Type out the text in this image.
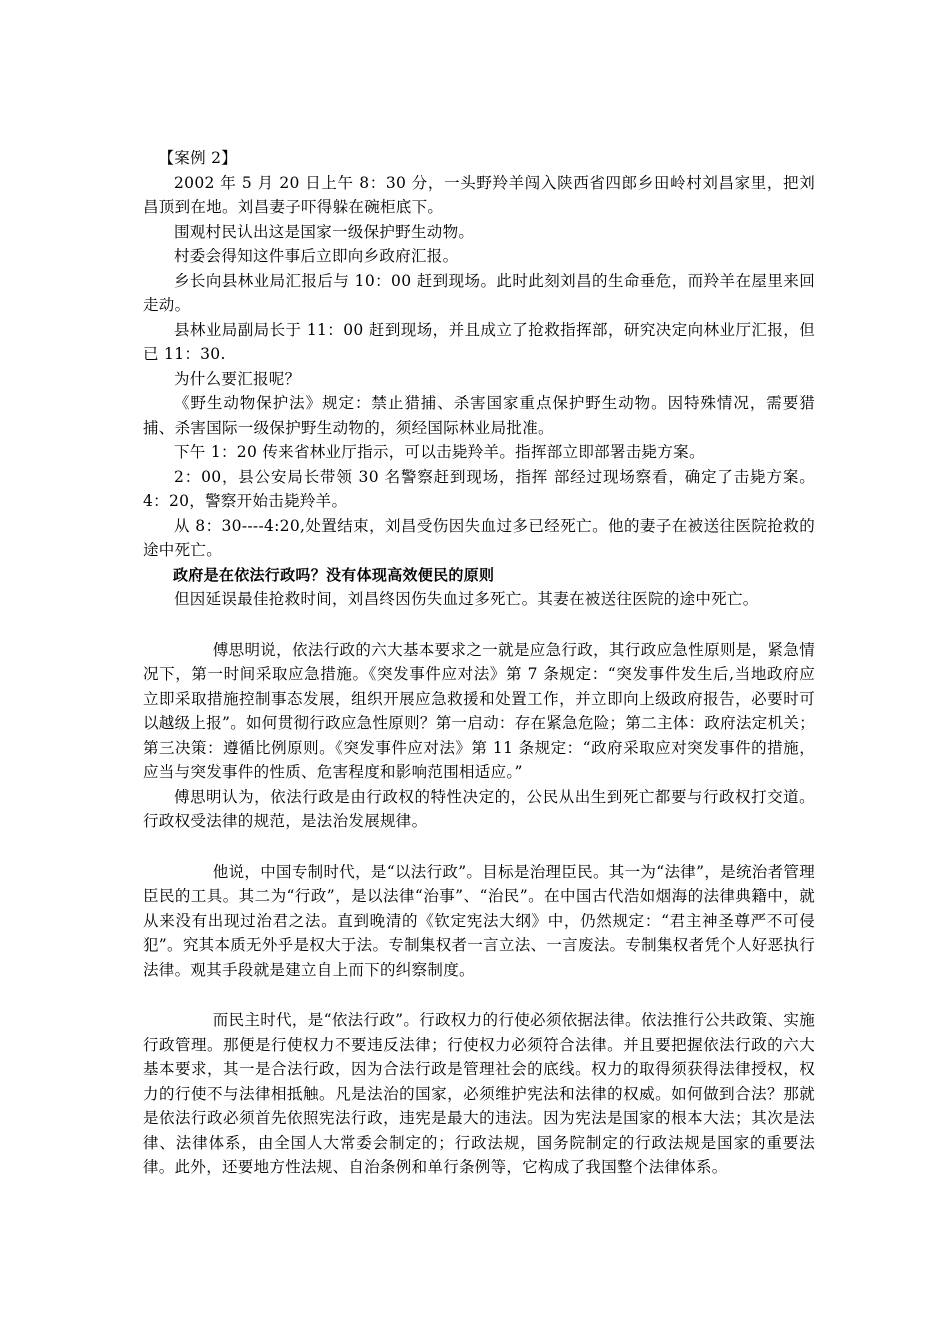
【案例 2】

2002 年 5 月 20 日上午 8：30 分，一头野羚羊闯入陕西省四郎乡田岭村刘昌家里，把刘昌顶到在地。刘昌妻子吓得躲在碗柜底下。

围观村民认出这是国家一级保护野生动物。

村委会得知这件事后立即向乡政府汇报。

乡长向县林业局汇报后与 10：00 赶到现场。此时此刻刘昌的生命垂危，而羚羊在屋里来回走动。

县林业局副局长于 11：00 赶到现场，并且成立了抢救指挥部，研究决定向林业厅汇报，但已 11：30.

为什么要汇报呢？

《野生动物保护法》规定：禁止猎捕、杀害国家重点保护野生动物。因特殊情况，需要猎捕、杀害国际一级保护野生动物的，须经国际林业局批准。

下午 1：20 传来省林业厅指示，可以击毙羚羊。指挥部立即部署击毙方案。

2：00，县公安局长带领 30 名警察赶到现场，指挥 部经过现场察看，确定了击毙方案。4：20，警察开始击毙羚羊。

从 8：30----4:20,处置结束，刘昌受伤因失血过多已经死亡。他的妻子在被送往医院抢救的途中死亡。

政府是在依法行政吗？没有体现高效便民的原则

但因延误最佳抢救时间，刘昌终因伤失血过多死亡。其妻在被送往医院的途中死亡。

傅思明说，依法行政的六大基本要求之一就是应急行政，其行政应急性原则是，紧急情况下，第一时间采取应急措施。《突发事件应对法》第 7 条规定：“突发事件发生后,当地政府应立即采取措施控制事态发展，组织开展应急救援和处置工作，并立即向上级政府报告，必要时可以越级上报”。如何贯彻行政应急性原则？第一启动：存在紧急危险；第二主体：政府法定机关；第三决策：遵循比例原则。《突发事件应对法》第 11 条规定：“政府采取应对突发事件的措施，应当与突发事件的性质、危害程度和影响范围相适应。”

傅思明认为，依法行政是由行政权的特性决定的，公民从出生到死亡都要与行政权打交道。行政权受法律的规范，是法治发展规律。

他说，中国专制时代，是“以法行政”。目标是治理臣民。其一为“法律”，是统治者管理臣民的工具。其二为“行政”，是以法律“治事”、“治民”。在中国古代浩如烟海的法律典籍中，就从来没有出现过治君之法。直到晚清的《钦定宪法大纲》中，仍然规定：“君主神圣尊严不可侵犯”。究其本质无外乎是权大于法。专制集权者一言立法、一言废法。专制集权者凭个人好恶执行法律。观其手段就是建立自上而下的纠察制度。

而民主时代，是“依法行政”。行政权力的行使必须依据法律。依法推行公共政策、实施行政管理。那便是行使权力不要违反法律；行使权力必须符合法律。并且要把握依法行政的六大基本要求，其一是合法行政，因为合法行政是管理社会的底线。权力的取得须获得法律授权，权力的行使不与法律相抵触。凡是法治的国家，必须维护宪法和法律的权威。如何做到合法？那就是依法行政必须首先依照宪法行政，违宪是最大的违法。因为宪法是国家的根本大法；其次是法律、法律体系，由全国人大常委会制定的；行政法规，国务院制定的行政法规是国家的重要法律。此外，还要地方性法规、自治条例和单行条例等，它构成了我国整个法律体系。
